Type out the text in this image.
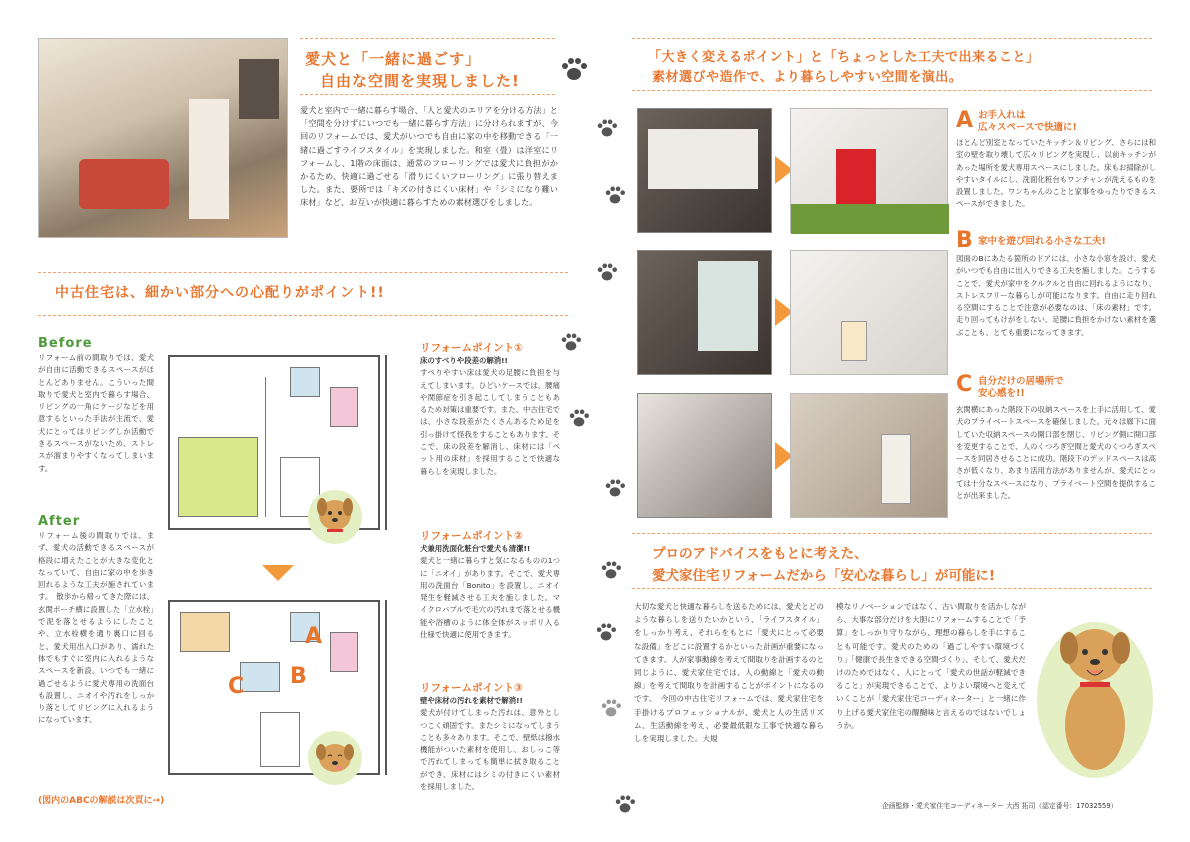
愛犬と「一緒に過ごす」
自由な空間を実現しました!
愛犬と室内で一緒に暮らす場合、「人と愛犬のエリアを分ける方法」と「空間を分けずにいつでも一緒に暮らす方法」に分けられますが、今回のリフォームでは、愛犬がいつでも自由に家の中を移動できる「一緒に過ごすライフスタイル」を実現しました。和室（畳）は洋室にリフォームし、1階の床面は、通常のフローリングでは愛犬に負担がかかるため、快適に過ごせる「滑りにくいフローリング」に張り替えました。また、要所では「キズの付きにくい床材」や「シミになり難い床材」など、お互いが快適に暮らすための素材選びをしました。
中古住宅は、細かい部分への心配りがポイント!!
Before
リフォーム前の間取りでは、愛犬が自由に活動できるスペースがほとんどありません。こういった間取りで愛犬と室内で暮らす場合、リビングの一角にケージなどを用意するといった手法が主流で、愛犬にとってはリビングしか活動できるスペースがないため、ストレスが溜まりやすくなってしまいます。
After
リフォーム後の間取りでは、まず、愛犬の活動できるスペースが格段に増えたことが大きな変化となっていて、自由に家の中を歩き回れるような工夫が施されています。　散歩から帰ってきた際には、玄関ポーチ横に設置した「立水栓」で泥を落とせるようにしたことや、立水栓横を通り裏口に回ると、愛犬用出入口があり、濡れた体でもすぐに室内に入れるようなスペースを新設。いつでも一緒に過ごせるように愛犬専用の洗面台も設置し、ニオイや汚れをしっかり落としてリビングに入れるようになっています。
A
B
C
(図内のABCの解説は次頁に→)
リフォームポイント①
床のすべりや段差の解消!!
すべりやすい床は愛犬の足腰に負担を与えてしまいます。ひどいケースでは、腰痛や関節症を引き起こしてしまうこともあるため対策は重要です。また、中古住宅では、小さな段差がたくさんあるため足を引っ掛けて怪我をすることもあります。そこで、床の段差を解消し、床材には「ペット用の床材」を採用することで快適な暮らしを実現しました。
リフォームポイント②
犬兼用洗面化粧台で愛犬も清潔!!
愛犬と一緒に暮らすと気になるものの1つに「ニオイ」があります。そこで、愛犬専用の洗面台「Bonito」を設置し、ニオイ発生を軽減させる工夫を施しました。マイクロバブルで毛穴の汚れまで落とせる機能や浴槽のように体全体がスッポリ入る仕様で快適に使用できます。
リフォームポイント③
壁や床材の汚れを素材で解消!!
愛犬が付けてしまった汚れは、意外としつこく頑固です。またシミになってしまうことも多々あります。そこで、壁紙は撥水機能がついた素材を使用し、おしっこ等で汚れてしまっても簡単に拭き取ることができ、床材にはシミの付きにくい素材を採用しました。
「大きく変えるポイント」と「ちょっとした工夫で出来ること」
素材選びや造作で、より暮らしやすい空間を演出。
A お手入れは
広々スペースで快適に!
ほとんど別室となっていたキッチン＆リビング、さらには和室の壁を取り壊して広々リビングを実現し、以前キッチンがあった場所を愛犬専用スペースにしました。床もお掃除がしやすいタイルにし、洗面化粧台もワンチャンが洗えるものを設置しました。ワンちゃんのことと家事をゆったりできるスペースができました。
B 家中を遊び回れる小さな工夫!
図面のBにあたる箇所のドアには、小さな小窓を設け、愛犬がいつでも自由に出入りできる工夫を施しました。こうすることで、愛犬が家中をクルクルと自由に回れるようになり、ストレスフリーな暮らしが可能になります。自由に走り回れる空間にすることで注意が必要なのは、「床の素材」です。走り回ってもけがをしない、足腰に負担をかけない素材を選ぶことも、とても重要になってきます。
C 自分だけの居場所で
安心感を!!
玄関横にあった階段下の収納スペースを上手に活用して、愛犬のプライベートスペースを確保しました。元々は廊下に面していた収納スペースの開口部を閉じ、リビング側に開口部を変更することで、人のくつろぎ空間と愛犬のくつろぎスペースを同居させることに成功。階段下のデッドスペースは高さが低くなり、あまり活用方法がありませんが、愛犬にとっては十分なスペースになり、プライベート空間を提供することが出来ました。
プロのアドバイスをもとに考えた、
愛犬家住宅リフォームだから「安心な暮らし」が可能に!
大切な愛犬と快適な暮らしを送るためには、愛犬とどのような暮らしを送りたいかという、「ライフスタイル」をしっかり考え、それらをもとに「愛犬にとって必要な設備」をどこに設置するかといった計画が重要になってきます。人が家事動線を考えて間取りを計画するのと同じように、愛犬家住宅では、人の動線と「愛犬の動線」を考えて間取りを計画することがポイントになるのです。　今回の中古住宅リフォームでは、愛犬家住宅を手掛けるプロフェッショナルが、愛犬と人の生活リズム、生活動線を考え、必要最低限な工事で快適な暮らしを実現しました。大規
模なリノベーションではなく、古い間取りを活かしながら、大事な部分だけを大胆にリフォームすることで「予算」をしっかり守りながら、理想の暮らしを手にすることも可能です。愛犬のための「過ごしやすい環境づくり」「健康で長生きできる空間づくり」、そして、愛犬だけのためではなく、人にとって「愛犬の世話が軽減できること」が実現できることで、よりよい環境へと変えていくことが「愛犬家住宅コーディネーター」と一緒に作り上げる愛犬家住宅の醍醐味と言えるのではないでしょうか。
企画監修・愛犬家住宅コーディネーター 大西 拓司（認定番号：17032559）
